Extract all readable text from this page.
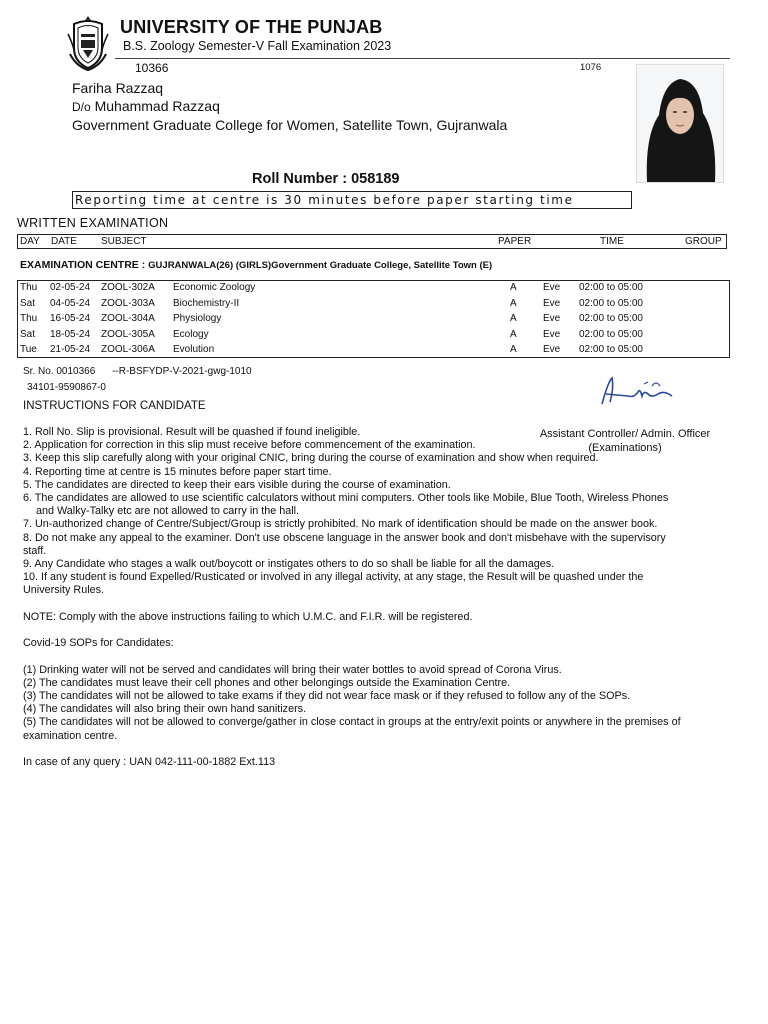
UNIVERSITY OF THE PUNJAB
B.S. Zoology Semester-V Fall Examination 2023
10366	1076
Fariha Razzaq
D/o Muhammad Razzaq
Government Graduate College for Women, Satellite Town, Gujranwala
Roll Number : 058189
Reporting time at centre is 30 minutes before paper starting time
WRITTEN EXAMINATION
DAY DATE SUBJECT	PAPER	TIME	GROUP
EXAMINATION CENTRE : GUJRANWALA(26) (GIRLS)Government Graduate College, Satellite Town (E)
Thu 02-05-24 ZOOL-302A Economic Zoology	A	Eve 02:00 to 05:00
Sat 04-05-24 ZOOL-303A Biochemistry-II	A	Eve 02:00 to 05:00
Thu 16-05-24 ZOOL-304A Physiology	A	Eve 02:00 to 05:00
Sat 18-05-24 ZOOL-305A Ecology	A	Eve 02:00 to 05:00
Tue 21-05-24 ZOOL-306A Evolution	A	Eve 02:00 to 05:00
Sr. No. 0010366 --R-BSFYDP-V-2021-gwg-1010
34101-9590867-0
INSTRUCTIONS FOR CANDIDATE
Assistant Controller/ Admin. Officer
(Examinations)

1. Roll No. Slip is provisional. Result will be quashed if found ineligible.

2. Application for correction in this slip must receive before commencement of the examination.

3. Keep this slip carefully along with your original CNIC, bring during the course of examination and show when required.

4. Reporting time at centre is 15 minutes before paper start time.

5. The candidates are directed to keep their ears visible during the course of examination.

6. The candidates are allowed to use scientific calculators without mini computers. Other tools like Mobile, Blue Tooth, Wireless Phones

and Walky-Talky etc are not allowed to carry in the hall.

7. Un-authorized change of Centre/Subject/Group is strictly prohibited. No mark of identification should be made on the answer book.

8. Do not make any appeal to the examiner. Don't use obscene language in the answer book and don't misbehave with the supervisory

staff.

9. Any Candidate who stages a walk out/boycott or instigates others to do so shall be liable for all the damages.

10. If any student is found Expelled/Rusticated or involved in any illegal activity, at any stage, the Result will be quashed under the

University Rules.

NOTE: Comply with the above instructions failing to which U.M.C. and F.I.R. will be registered.

Covid-19 SOPs for Candidates:

(1) Drinking water will not be served and candidates will bring their water bottles to avoid spread of Corona Virus.

(2) The candidates must leave their cell phones and other belongings outside the Examination Centre.

(3) The candidates will not be allowed to take exams if they did not wear face mask or if they refused to follow any of the SOPs.

(4) The candidates will also bring their own hand sanitizers.

(5) The candidates will not be allowed to converge/gather in close contact in groups at the entry/exit points or anywhere in the premises of

examination centre.

In case of any query : UAN 042-111-00-1882 Ext.113
